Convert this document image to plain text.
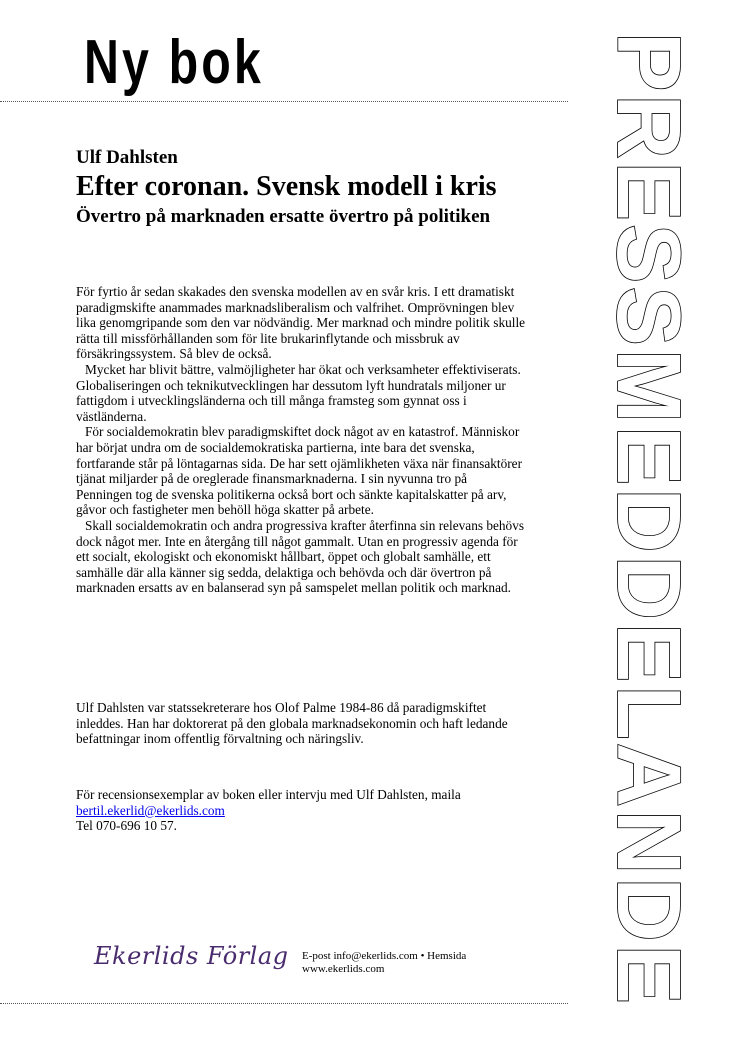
Ny bok	PRESSMEDDELANDE
Ulf Dahlsten
Efter coronan. Svensk modell i kris
Övertro på marknaden ersatte övertro på politiken

För fyrtio år sedan skakades den svenska modellen av en svår kris. I ett dramatiskt paradigmskifte anammades marknadsliberalism och valfrihet. Omprövningen blev lika genomgripande som den var nödvändig. Mer marknad och mindre politik skulle rätta till missförhållanden som för lite brukarinflytande och missbruk av försäkringssystem. Så blev de också.

Mycket har blivit bättre, valmöjligheter har ökat och verksamheter effektiviserats. Globaliseringen och teknikutvecklingen har dessutom lyft hundratals miljoner ur fattigdom i utvecklingsländerna och till många framsteg som gynnat oss i västländerna.

För socialdemokratin blev paradigmskiftet dock något av en katastrof. Människor har börjat undra om de socialdemokratiska partierna, inte bara det svenska, fortfarande står på löntagarnas sida. De har sett ojämlikheten växa när finansaktörer tjänat miljarder på de oreglerade finansmarknaderna. I sin nyvunna tro på Penningen tog de svenska politikerna också bort och sänkte kapitalskatter på arv, gåvor och fastigheter men behöll höga skatter på arbete.

Skall socialdemokratin och andra progressiva krafter återfinna sin relevans behövs dock något mer. Inte en återgång till något gammalt. Utan en progressiv agenda för ett socialt, ekologiskt och ekonomiskt hållbart, öppet och globalt samhälle, ett samhälle där alla känner sig sedda, delaktiga och behövda och där övertron på marknaden ersatts av en balanserad syn på samspelet mellan politik och marknad.

Ulf Dahlsten var statssekreterare hos Olof Palme 1984-86 då paradigmskiftet inleddes. Han har doktorerat på den globala marknadsekonomin och haft ledande befattningar inom offentlig förvaltning och näringsliv.

För recensionsexemplar av boken eller intervju med Ulf Dahlsten, maila bertil.ekerlid@ekerlids.com
Tel 070-696 10 57.

Ekerlids Förlag E-post info@ekerlids.com • Hemsida
www.ekerlids.com
